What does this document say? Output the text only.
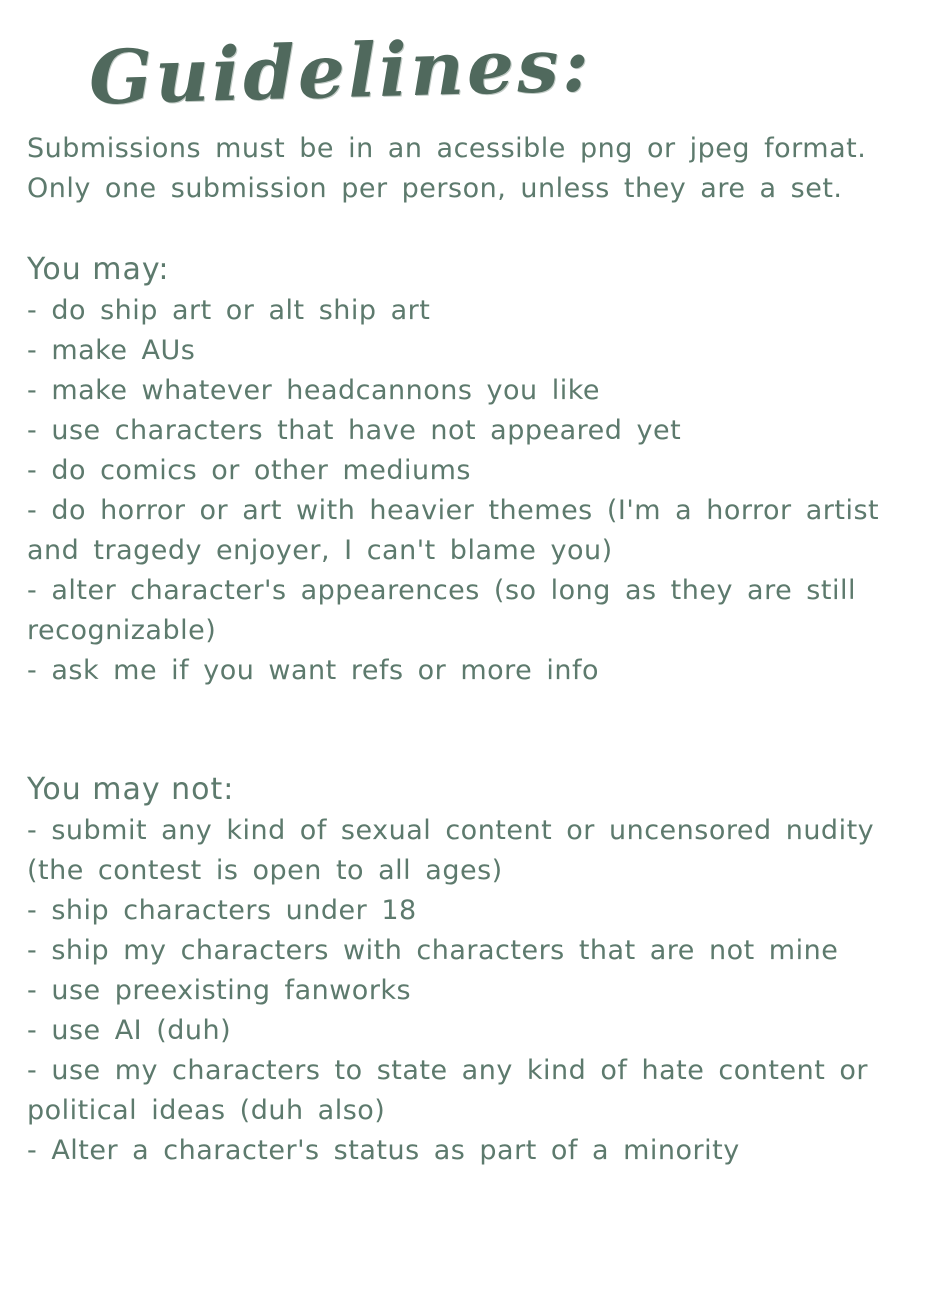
Guidelines:

Submissions must be in an acessible png or jpeg format. Only one submission per person, unless they are a set.

You may:
- do ship art or alt ship art
- make AUs
- make whatever headcannons you like
- use characters that have not appeared yet
- do comics or other mediums
- do horror or art with heavier themes (I'm a horror artist and tragedy enjoyer, I can't blame you)
- alter character's appearences (so long as they are still recognizable)
- ask me if you want refs or more info
You may not:
- submit any kind of sexual content or uncensored nudity (the contest is open to all ages)
- ship characters under 18
- ship my characters with characters that are not mine
- use preexisting fanworks
- use AI (duh)
- use my characters to state any kind of hate content or political ideas (duh also)
- Alter a character's status as part of a minority
